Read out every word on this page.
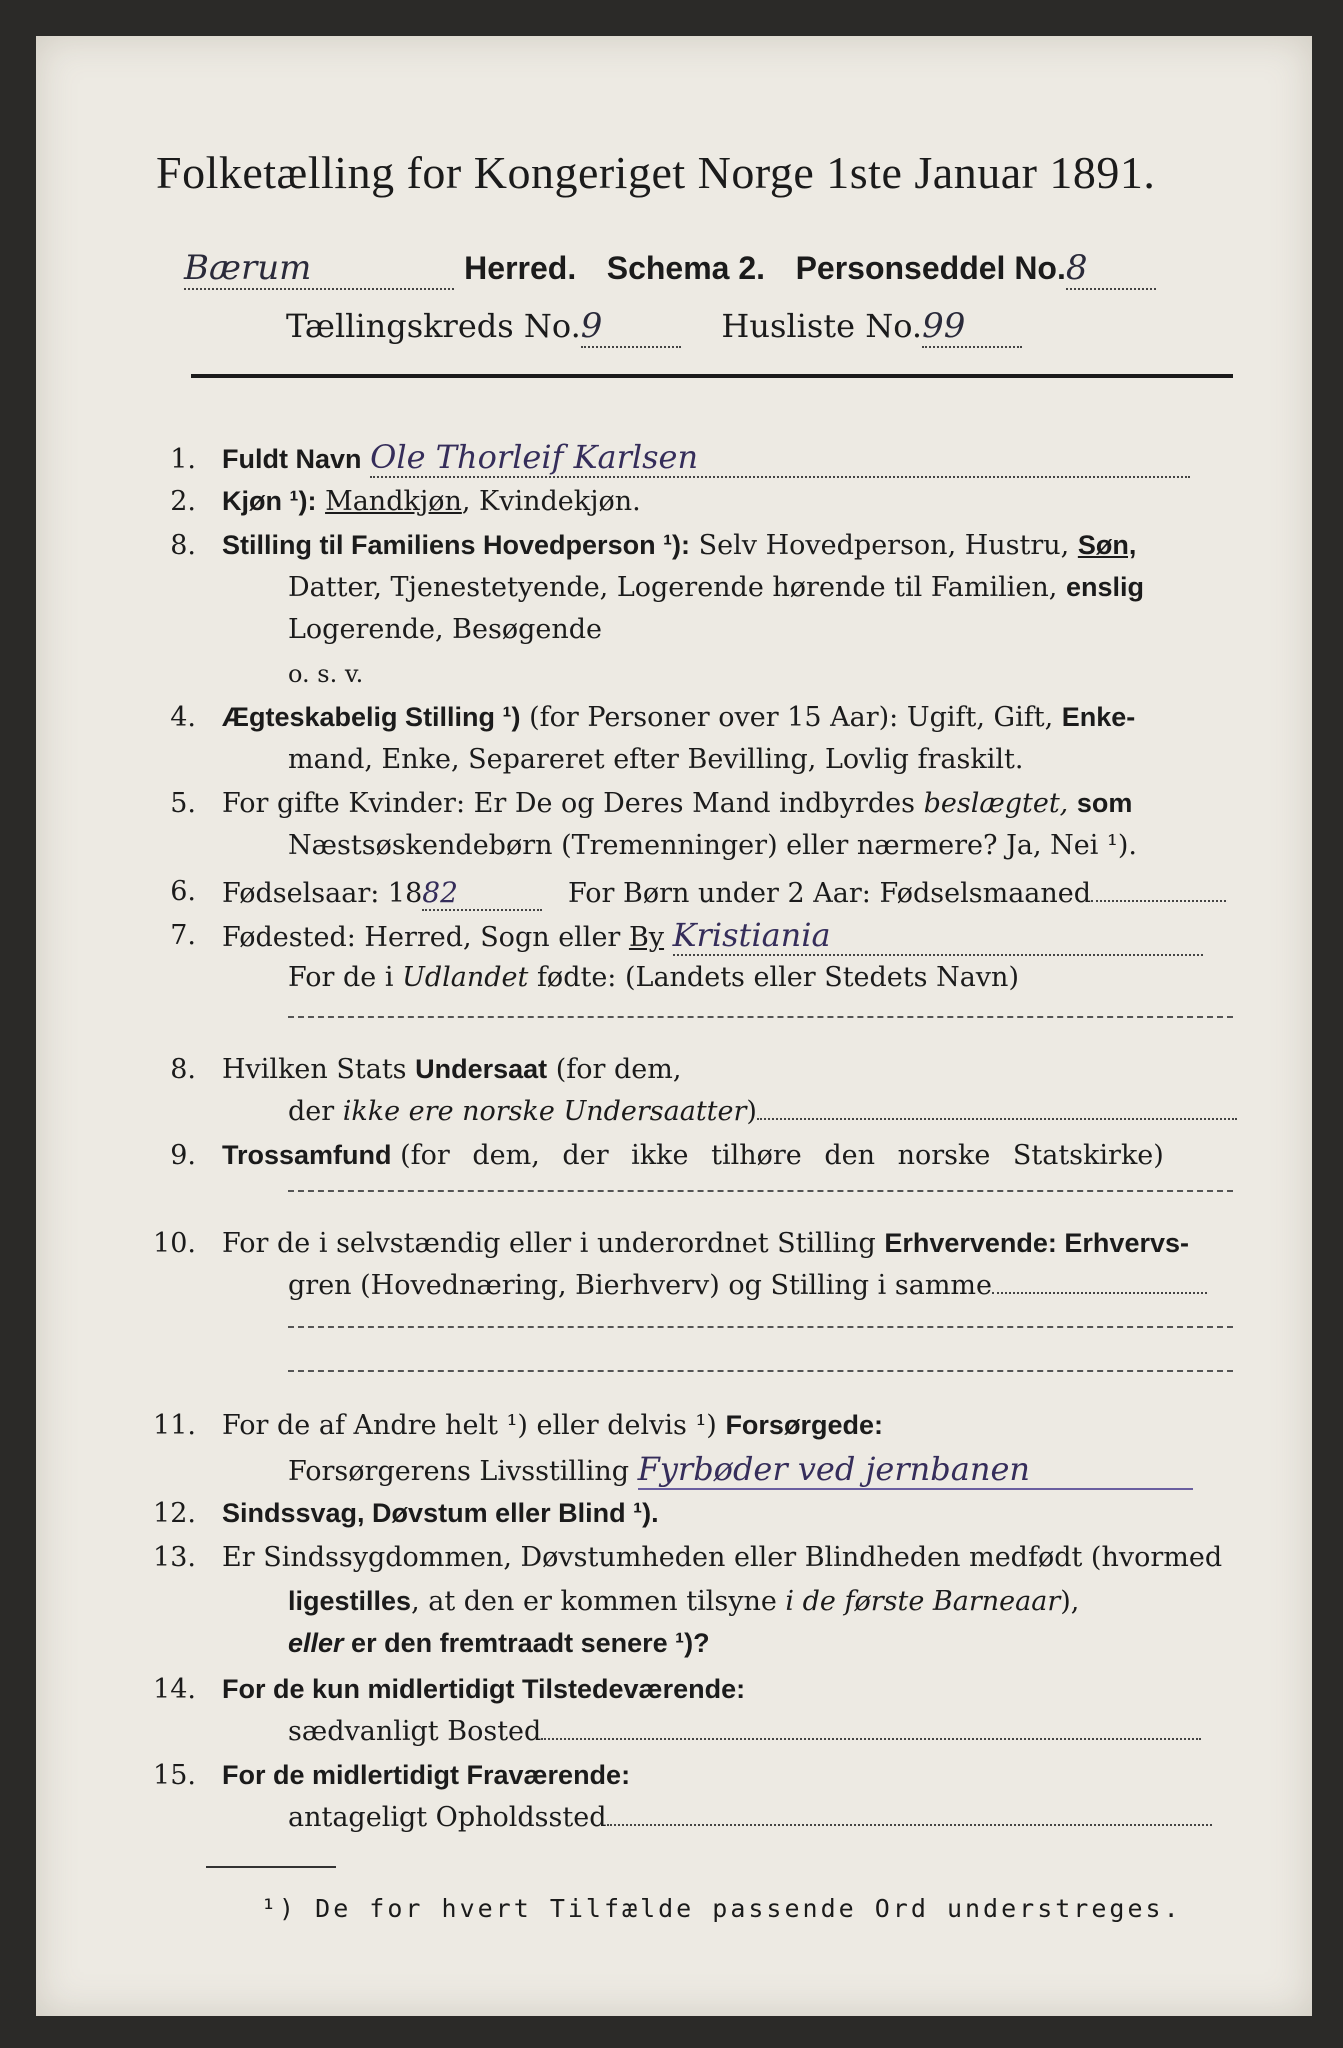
Folketælling for Kongeriget Norge 1ste Januar 1891.
Bærum	Herred. Schema 2. Personseddel No.8
Tællingskreds No.9	Husliste No.99
1. Fuldt Navn Ole Thorleif Karlsen
2. Kjøn ¹): Mandkjøn, Kvindekjøn.
8. Stilling til Familiens Hovedperson ¹): Selv Hovedperson, Hustru, Søn,
Datter, Tjenestetyende, Logerende hørende til Familien, enslig
Logerende, Besøgende
o. s. v.
4. Ægteskabelig Stilling ¹) (for Personer over 15 Aar): Ugift, Gift, Enke-
mand, Enke, Separeret efter Bevilling, Lovlig fraskilt.
5. For gifte Kvinder: Er De og Deres Mand indbyrdes beslægtet, som
Næstsøskendebørn (Tremenninger) eller nærmere? Ja, Nei ¹).
6. Fødselsaar: 1882	For Børn under 2 Aar: Fødselsmaaned
7. Fødested: Herred, Sogn eller By Kristiania
For de i Udlandet fødte: (Landets eller Stedets Navn)
8. Hvilken Stats Undersaat (for dem,
der ikke ere norske Undersaatter)
9. Trossamfund (for dem, der ikke tilhøre den norske Statskirke)
10. For de i selvstændig eller i underordnet Stilling Erhvervende: Erhvervs-
gren (Hovednæring, Bierhverv) og Stilling i samme
11. For de af Andre helt ¹) eller delvis ¹) Forsørgede:
Forsørgerens Livsstilling Fyrbøder ved jernbanen
12. Sindssvag, Døvstum eller Blind ¹).
13. Er Sindssygdommen, Døvstumheden eller Blindheden medfødt (hvormed
ligestilles, at den er kommen tilsyne i de første Barneaar),
eller er den fremtraadt senere ¹)?
14. For de kun midlertidigt Tilstedeværende:
sædvanligt Bosted
15. For de midlertidigt Fraværende:
antageligt Opholdssted
¹) De for hvert Tilfælde passende Ord understreges.
